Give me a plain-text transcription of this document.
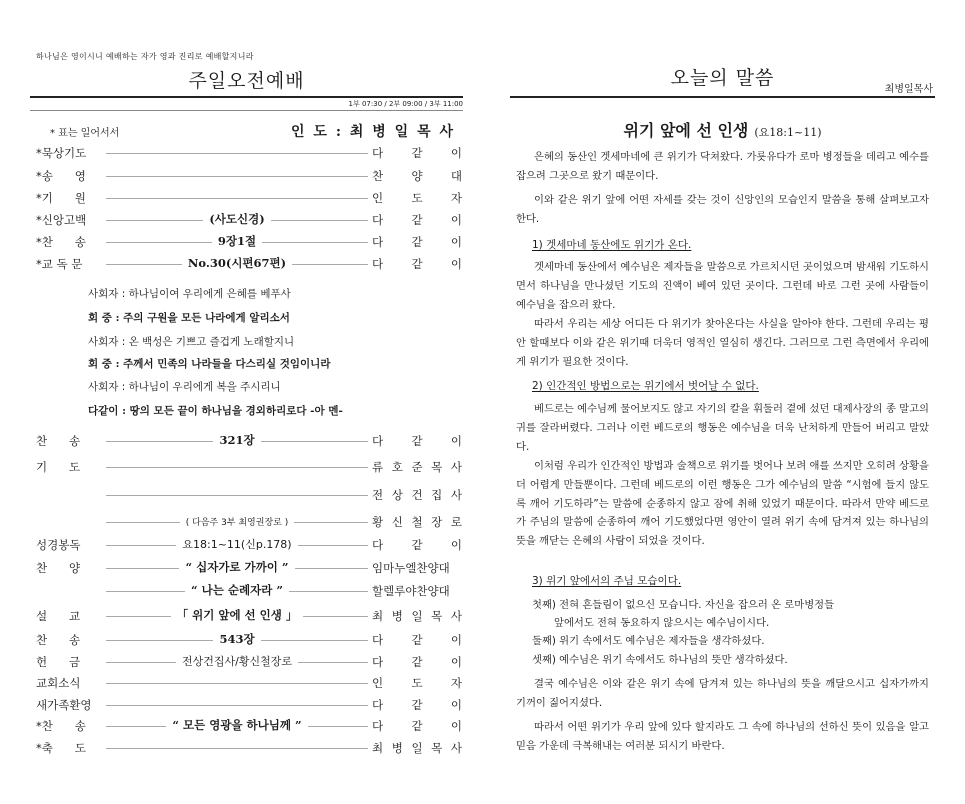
하나님은 영이시니 예배하는 자가 영과 진리로 예배할지니라
주일오전예배
1부 07:30 / 2부 09:00 / 3부 11:00
* 표는 일어서서	인 도 : 최 병 일 목 사
*묵상기도	다 같 이
*송      영	찬 양 대
*기      원	인 도 자
*신앙고백	(사도신경)	다 같 이
*찬      송	9장1절	다 같 이
*교 독 문	No.30(시편67편)	다 같 이
사회자 : 하나님이여 우리에게 은혜를 베푸사
회 중 : 주의 구원을 모든 나라에게 알리소서
사회자 : 온 백성은 기쁘고 즐겁게 노래할지니
회 중 : 주께서 민족의 나라들을 다스리실 것임이니라
사회자 : 하나님이 우리에게 복을 주시리니
다같이 : 땅의 모든 끝이 하나님을 경외하리로다 -아 멘-
찬      송	321장	다 같 이
기      도	류 호 준 목 사
전 상 건 집 사
( 다음주 3부 최영권장로 )	황 신 철 장 로
성경봉독	요18:1~11(신p.178)	다 같 이
찬      양	“ 십자가로 가까이 ”	임마누엘찬양대
“ 나는 순례자라 ”	할렐루야찬양대
설      교	「 위기 앞에 선 인생 」	최 병 일 목 사
찬      송	543장	다 같 이
헌      금	전상건집사/황신철장로	다 같 이
교회소식	인 도 자
새가족환영	다 같 이
*찬      송	“ 모든 영광을 하나님께 ”	다 같 이
*축      도	최 병 일 목 사
오늘의 말씀
최병일목사
위기 앞에 선 인생 (요18:1~11)
은혜의 동산인 겟세마네에 큰 위기가 닥쳐왔다. 가룟유다가 로마 병정들을 데리고 예수를 잡으려 그곳으로 왔기 때문이다.
이와 같은 위기 앞에 어떤 자세를 갖는 것이 신앙인의 모습인지 말씀을 통해 살펴보고자 한다.
1) 겟세마네 동산에도 위기가 온다.
겟세마네 동산에서 예수님은 제자들을 말씀으로 가르치시던 곳이었으며 밤새워 기도하시면서 하나님을 만나셨던 기도의 진액이 베여 있던 곳이다. 그런데 바로 그런 곳에 사람들이 예수님을 잡으러 왔다.
따라서 우리는 세상 어디든 다 위기가 찾아온다는 사실을 알아야 한다. 그런데 우리는 평안 할때보다 이와 같은 위기때 더욱더 영적인 열심히 생긴다. 그러므로 그런 측면에서 우리에게 위기가 필요한 것이다.
2) 인간적인 방법으로는 위기에서 벗어날 수 없다.
베드로는 예수님께 물어보지도 않고 자기의 칼을 휘둘러 곁에 섰던 대제사장의 종 말고의 귀를 잘라버렸다. 그러나 이런 베드로의 행동은 예수님을 더욱 난처하게 만들어 버리고 말았다.
이처럼 우리가 인간적인 방법과 술책으로 위기를 벗어나 보려 애를 쓰지만 오히려 상황을 더 어렵게 만들뿐이다. 그런데 베드로의 이런 행동은 그가 예수님의 말씀 “시험에 들지 않도록 깨어 기도하라”는 말씀에 순종하지 않고 잠에 취해 있었기 때문이다. 따라서 만약 베드로가 주님의 말씀에 순종하여 깨어 기도했었다면 영안이 열려 위기 속에 담겨져 있는 하나님의 뜻을 깨닫는 은혜의 사람이 되었을 것이다.
3) 위기 앞에서의 주님 모습이다.
첫째) 전혀 흔들림이 없으신 모습니다. 자신을 잡으러 온 로마병정들
앞에서도 전혀 동요하지 않으시는 예수님이시다.
둘째) 위기 속에서도 예수님은 제자들을 생각하셨다.
셋째) 예수님은 위기 속에서도 하나님의 뜻만 생각하셨다.
결국 예수님은 이와 같은 위기 속에 담겨져 있는 하나님의 뜻을 깨달으시고 십자가까지 기꺼이 짊어지셨다.
따라서 어떤 위기가 우리 앞에 있다 할지라도 그 속에 하나님의 선하신 뜻이 있음을 알고 믿음 가운데 극복해내는 여러분 되시기 바란다.
